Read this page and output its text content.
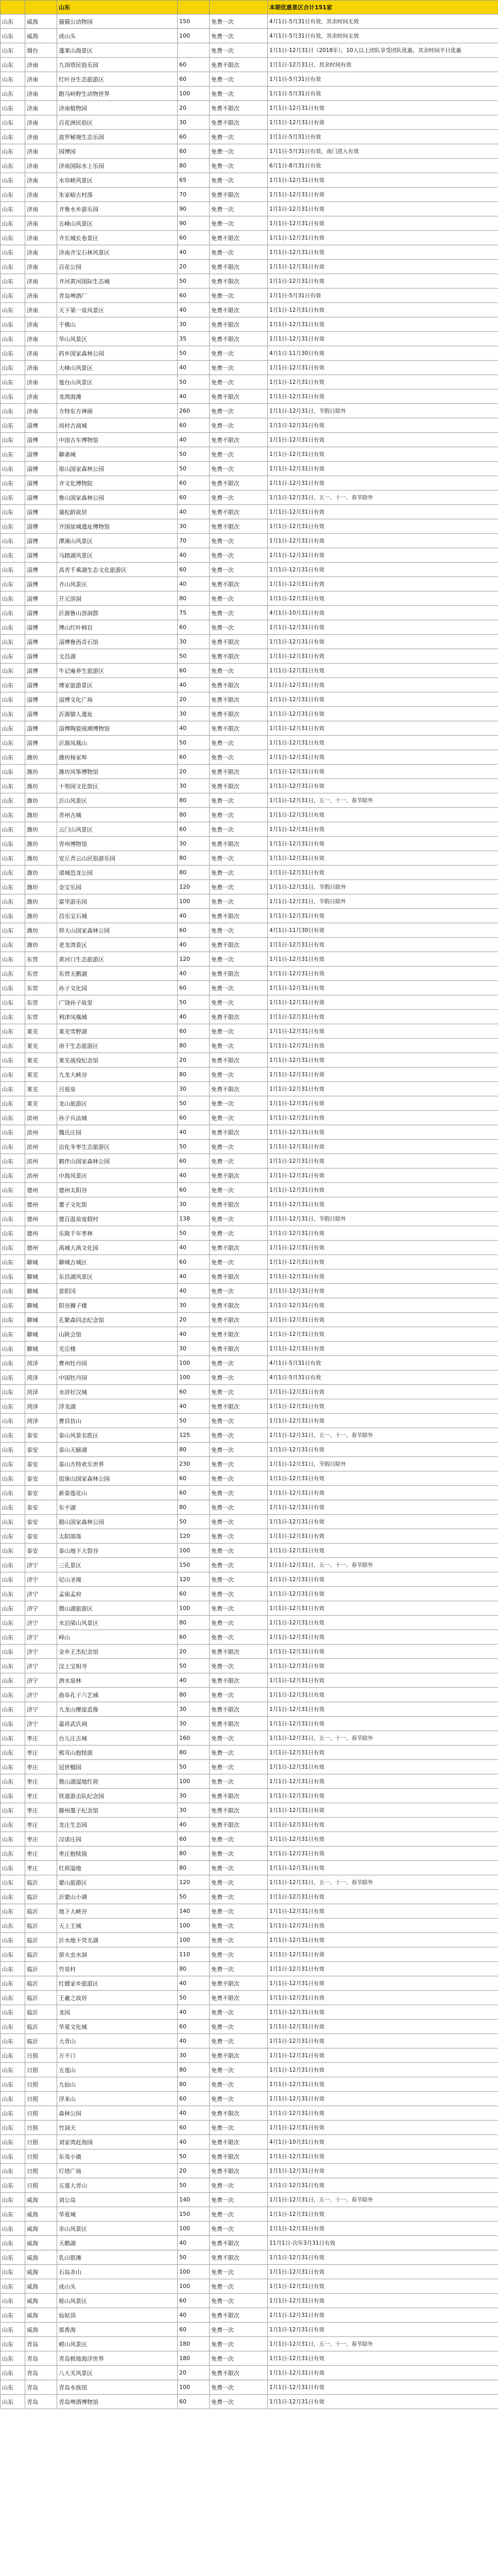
		山东			本期优惠景区合计151家
山东	威海	猫猫公动物园	150	免费一次	4月1日-5月31日有效，其余时间无效
山东	威海	成山头	100	免费一次	4月1日-5月31日有效，其余时间无效
山东	烟台	蓬莱山海景区		免费一次	1月1日-12月31日（2018年），10人以上团队享受团队优惠，其余时间平日优惠
山东	济南	九顶塔民俗乐园	60	免费不限次	1月1日-12月31日，其余时间有效
山东	济南	红叶谷生态旅游区	60	免费一次	1月1日-5月31日有效
山东	济南	跑马岭野生动物世界	100	免费一次	1月1日-5月31日有效
山东	济南	济南植物园	20	免费不限次	1月1日-12月31日有效
山东	济南	百花洲民俗区	30	免费不限次	1月1日-12月31日有效
山东	济南	波罗秘境生态乐园	60	免费一次	1月1日-5月31日有效
山东	济南	园博园	60	免费一次	1月1日-5月31日有效，南门进入有效
山东	济南	济南国际水上乐园	80	免费一次	6月1日-8月31日有效
山东	济南	水帘峡风景区	65	免费一次	1月1日-12月31日有效
山东	济南	朱家峪古村落	70	免费不限次	1月1日-12月31日有效
山东	济南	齐鲁水乡游乐园	90	免费一次	1月1日-12月31日有效
山东	济南	五峰山风景区	90	免费一次	1月1日-12月31日有效
山东	济南	齐长城长卷景区	60	免费不限次	1月1日-12月31日有效
山东	济南	济南齐宝石林风景区	40	免费一次	1月1日-12月31日有效
山东	济南	百花公园	20	免费不限次	1月1日-12月31日有效
山东	济南	齐河黄河国际生态城	50	免费不限次	1月1日-12月31日有效
山东	济南	青岛啤酒厂	60	免费一次	1月1日-5月31日有效
山东	济南	天下第一泉风景区	40	免费不限次	1月1日-12月31日有效
山东	济南	千佛山	30	免费不限次	1月1日-12月31日有效
山东	济南	华山风景区	35	免费不限次	1月1日-12月31日有效
山东	济南	药乡国家森林公园	50	免费一次	4月1日-11月30日有效
山东	济南	大峰山风景区	40	免费一次	1月1日-12月31日有效
山东	济南	莲台山风景区	50	免费一次	1月1日-12月31日有效
山东	济南	龙湾海滩	40	免费不限次	1月1日-12月31日有效
山东	济南	方特东方神画	260	免费一次	1月1日-12月31日，节假日除外
山东	淄博	周村古商城	60	免费一次	1月1日-12月31日有效
山东	淄博	中国古车博物馆	40	免费不限次	1月1日-12月31日有效
山东	淄博	聊斋城	50	免费一次	1月1日-12月31日有效
山东	淄博	原山国家森林公园	50	免费一次	1月1日-12月31日有效
山东	淄博	齐文化博物院	60	免费不限次	1月1日-12月31日有效
山东	淄博	鲁山国家森林公园	60	免费一次	1月1日-12月31日，五一、十一、春节除外
山东	淄博	蒲松龄故居	40	免费不限次	1月1日-12月31日有效
山东	淄博	齐国故城遗址博物馆	30	免费不限次	1月1日-12月31日有效
山东	淄博	潭溪山风景区	70	免费一次	1月1日-12月31日有效
山东	淄博	马踏湖风景区	40	免费一次	1月1日-12月31日有效
山东	淄博	高青千乘湖生态文化旅游区	60	免费一次	1月1日-12月31日有效
山东	淄博	齐山风景区	40	免费不限次	1月1日-12月31日有效
山东	淄博	开元溶洞	80	免费一次	1月1日-12月31日有效
山东	淄博	沂源鲁山溶洞群	75	免费一次	4月1日-10月31日有效
山东	淄博	博山红叶柿岩	60	免费一次	1月1日-12月31日有效
山东	淄博	淄博鲁西奇石馆	30	免费不限次	1月1日-12月31日有效
山东	淄博	文昌湖	50	免费不限次	1月1日-12月31日有效
山东	淄博	牛记庵养生旅游区	60	免费一次	1月1日-12月31日有效
山东	淄博	傅家旅游景区	40	免费不限次	1月1日-12月31日有效
山东	淄博	淄博文化广场	20	免费不限次	1月1日-12月31日有效
山东	淄博	沂源猿人遗址	30	免费不限次	1月1日-12月31日有效
山东	淄博	淄博陶瓷琉璃博物馆	40	免费不限次	1月1日-12月31日有效
山东	淄博	沂源凤凰山	50	免费一次	1月1日-12月31日有效
山东	潍坊	潍坊杨家埠	60	免费一次	1月1日-12月31日有效
山东	潍坊	潍坊风筝博物馆	20	免费不限次	1月1日-12月31日有效
山东	潍坊	十笏园文化街区	30	免费不限次	1月1日-12月31日有效
山东	潍坊	沂山风景区	80	免费一次	1月1日-12月31日，五一、十一、春节除外
山东	潍坊	青州古城	80	免费一次	1月1日-12月31日有效
山东	潍坊	云门山风景区	60	免费一次	1月1日-12月31日有效
山东	潍坊	青州博物馆	30	免费不限次	1月1日-12月31日有效
山东	潍坊	安丘青云山民俗游乐园	80	免费一次	1月1日-12月31日有效
山东	潍坊	诸城恐龙公园	80	免费一次	1月1日-12月31日有效
山东	潍坊	金宝乐园	120	免费一次	1月1日-12月31日，节假日除外
山东	潍坊	富华游乐园	100	免费一次	1月1日-12月31日，节假日除外
山东	潍坊	昌乐宝石城	40	免费不限次	1月1日-12月31日有效
山东	潍坊	仰天山国家森林公园	60	免费一次	4月1日-11月30日有效
山东	潍坊	老龙湾景区	40	免费不限次	1月1日-12月31日有效
山东	东营	黄河口生态旅游区	120	免费一次	1月1日-12月31日有效
山东	东营	东营天鹅湖	40	免费不限次	1月1日-12月31日有效
山东	东营	孙子文化园	60	免费一次	1月1日-12月31日有效
山东	东营	广饶孙子故里	50	免费一次	1月1日-12月31日有效
山东	东营	利津凤凰城	40	免费不限次	1月1日-12月31日有效
山东	莱芜	莱芜雪野湖	60	免费一次	1月1日-12月31日有效
山东	莱芜	房干生态旅游区	80	免费一次	1月1日-12月31日有效
山东	莱芜	莱芜战役纪念馆	20	免费不限次	1月1日-12月31日有效
山东	莱芜	九龙大峡谷	80	免费一次	1月1日-12月31日有效
山东	莱芜	吕祖泉	30	免费不限次	1月1日-12月31日有效
山东	莱芜	龙山旅游区	50	免费一次	1月1日-12月31日有效
山东	滨州	孙子兵法城	60	免费一次	1月1日-12月31日有效
山东	滨州	魏氏庄园	40	免费不限次	1月1日-12月31日有效
山东	滨州	沾化冬枣生态旅游区	50	免费一次	1月1日-12月31日有效
山东	滨州	鹤伴山国家森林公园	60	免费一次	1月1日-12月31日有效
山东	滨州	中海风景区	40	免费不限次	1月1日-12月31日有效
山东	德州	德州太阳谷	60	免费一次	1月1日-12月31日有效
山东	德州	董子文化街	30	免费不限次	1月1日-12月31日有效
山东	德州	德百温泉度假村	138	免费一次	1月1日-12月31日，节假日除外
山东	德州	乐陵千年枣林	50	免费一次	1月1日-12月31日有效
山东	德州	禹城大禹文化园	40	免费不限次	1月1日-12月31日有效
山东	聊城	聊城古城区	60	免费一次	1月1日-12月31日有效
山东	聊城	东昌湖风景区	40	免费不限次	1月1日-12月31日有效
山东	聊城	景阳冈	40	免费一次	1月1日-12月31日有效
山东	聊城	阳谷狮子楼	30	免费不限次	1月1日-12月31日有效
山东	聊城	孔繁森同志纪念馆	20	免费不限次	1月1日-12月31日有效
山东	聊城	山陕会馆	40	免费不限次	1月1日-12月31日有效
山东	聊城	光岳楼	30	免费不限次	1月1日-12月31日有效
山东	菏泽	曹州牡丹园	100	免费一次	4月1日-5月31日有效
山东	菏泽	中国牡丹园	100	免费一次	4月1日-5月31日有效
山东	菏泽	水浒好汉城	60	免费一次	1月1日-12月31日有效
山东	菏泽	浮龙湖	40	免费不限次	1月1日-12月31日有效
山东	菏泽	曹县仿山	50	免费一次	1月1日-12月31日有效
山东	泰安	泰山风景名胜区	125	免费一次	1月1日-12月31日，五一、十一、春节除外
山东	泰安	泰山天颐湖	80	免费一次	1月1日-12月31日有效
山东	泰安	泰山方特欢乐世界	230	免费一次	1月1日-12月31日，节假日除外
山东	泰安	徂徕山国家森林公园	60	免费一次	1月1日-12月31日有效
山东	泰安	新泰莲花山	60	免费一次	1月1日-12月31日有效
山东	泰安	东平湖	80	免费一次	1月1日-12月31日有效
山东	泰安	腊山国家森林公园	50	免费一次	1月1日-12月31日有效
山东	泰安	太阳部落	120	免费一次	1月1日-12月31日有效
山东	泰安	泰山地下大裂谷	100	免费一次	1月1日-12月31日有效
山东	济宁	三孔景区	150	免费一次	1月1日-12月31日，五一、十一、春节除外
山东	济宁	尼山圣境	120	免费一次	1月1日-12月31日有效
山东	济宁	孟庙孟府	60	免费一次	1月1日-12月31日有效
山东	济宁	微山湖旅游区	100	免费一次	1月1日-12月31日有效
山东	济宁	水泊梁山风景区	80	免费一次	1月1日-12月31日有效
山东	济宁	峄山	60	免费一次	1月1日-12月31日有效
山东	济宁	金乡王杰纪念馆	20	免费不限次	1月1日-12月31日有效
山东	济宁	汶上宝相寺	50	免费一次	1月1日-12月31日有效
山东	济宁	泗水泉林	40	免费不限次	1月1日-12月31日有效
山东	济宁	曲阜孔子六艺城	80	免费一次	1月1日-12月31日有效
山东	济宁	九龙山摩崖造像	30	免费不限次	1月1日-12月31日有效
山东	济宁	嘉祥武氏祠	30	免费不限次	1月1日-12月31日有效
山东	枣庄	台儿庄古城	160	免费一次	1月1日-12月31日，五一、十一、春节除外
山东	枣庄	熊耳山抱犊崮	80	免费一次	1月1日-12月31日有效
山东	枣庄	冠世榴园	50	免费一次	1月1日-12月31日有效
山东	枣庄	微山湖湿地红荷	100	免费一次	1月1日-12月31日有效
山东	枣庄	铁道游击队纪念园	30	免费不限次	1月1日-12月31日有效
山东	枣庄	滕州墨子纪念馆	30	免费不限次	1月1日-12月31日有效
山东	枣庄	龙庄生态园	40	免费不限次	1月1日-12月31日有效
山东	枣庄	汉诺庄园	60	免费一次	1月1日-12月31日有效
山东	枣庄	枣庄抱犊崮	80	免费一次	1月1日-12月31日有效
山东	枣庄	红荷湿地	80	免费一次	1月1日-12月31日有效
山东	临沂	蒙山旅游区	120	免费一次	1月1日-12月31日，五一、十一、春节除外
山东	临沂	沂蒙山小调	50	免费一次	1月1日-12月31日有效
山东	临沂	地下大峡谷	140	免费一次	1月1日-12月31日有效
山东	临沂	天上王城	100	免费一次	1月1日-12月31日有效
山东	临沂	沂水地下荧光湖	100	免费一次	1月1日-12月31日有效
山东	临沂	萤火虫水洞	110	免费一次	1月1日-12月31日有效
山东	临沂	竹泉村	80	免费一次	1月1日-12月31日有效
山东	临沂	红嫂家乡旅游区	40	免费不限次	1月1日-12月31日有效
山东	临沂	王羲之故居	50	免费不限次	1月1日-12月31日有效
山东	临沂	龙园	40	免费一次	1月1日-12月31日有效
山东	临沂	华夏文化城	60	免费一次	1月1日-12月31日有效
山东	临沂	大青山	40	免费一次	1月1日-12月31日有效
山东	日照	万平口	30	免费不限次	1月1日-12月31日有效
山东	日照	五莲山	80	免费一次	1月1日-12月31日有效
山东	日照	九仙山	80	免费一次	1月1日-12月31日有效
山东	日照	浮来山	60	免费一次	1月1日-12月31日有效
山东	日照	森林公园	40	免费不限次	1月1日-12月31日有效
山东	日照	竹洞天	60	免费一次	1月1日-12月31日有效
山东	日照	刘家湾赶海园	40	免费不限次	4月1日-10月31日有效
山东	日照	东夷小镇	50	免费不限次	1月1日-12月31日有效
山东	日照	灯塔广场	20	免费不限次	1月1日-12月31日有效
山东	日照	五莲大青山	50	免费一次	1月1日-12月31日有效
山东	威海	刘公岛	140	免费一次	1月1日-12月31日，五一、十一、春节除外
山东	威海	华夏城	150	免费一次	1月1日-12月31日有效
山东	威海	赤山风景区	100	免费一次	1月1日-12月31日有效
山东	威海	天鹅湖	40	免费不限次	11月1日-次年3月31日有效
山东	威海	乳山银滩	50	免费不限次	1月1日-12月31日有效
山东	威海	石岛赤山	100	免费一次	1月1日-12月31日有效
山东	威海	成山头	100	免费一次	1月1日-12月31日有效
山东	威海	槎山风景区	60	免费一次	1月1日-12月31日有效
山东	威海	仙姑顶	40	免费不限次	1月1日-12月31日有效
山东	威海	那香海	60	免费一次	1月1日-12月31日有效
山东	青岛	崂山风景区	180	免费一次	1月1日-12月31日，五一、十一、春节除外
山东	青岛	青岛极地海洋世界	180	免费一次	1月1日-12月31日有效
山东	青岛	八大关风景区	20	免费不限次	1月1日-12月31日有效
山东	青岛	青岛水族馆	100	免费一次	1月1日-12月31日有效
山东	青岛	青岛啤酒博物馆	60	免费一次	1月1日-12月31日有效
